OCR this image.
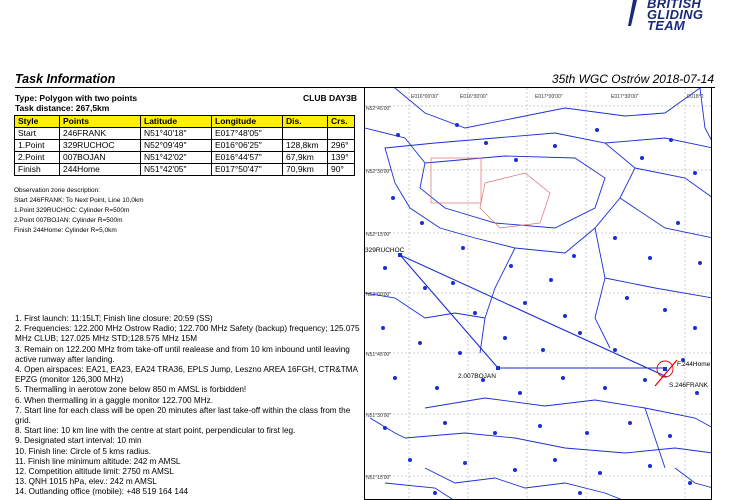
BRITISH
GLIDING
TEAM
Task Information	35th WGC Ostrów 2018-07-14
Type: Polygon with two points
Task distance: 267,5km
CLUB DAY3B
Style	Points	Latitude	Longitude	Dis.	Crs.
Start	246FRANK	N51°40'18"	E017°48'05"		
1.Point	329RUCHOC	N52°09'49"	E016°06'25"	128,8km	296°
2.Point	007BOJAN	N51°42'02"	E016°44'57"	67,9km	139°
Finish	244Home	N51°42'05"	E017°50'47"	70,9km	90°
Observation zone description:
Start 246FRANK: To Next Point, Line 10,0km
1.Point 329RUCHOC: Cylinder R=500m
2.Point 007BOJAN: Cylinder R=500m
Finish 244Home: Cylinder R=5,0km
1. First launch: 11:15LT; Finish line closure: 20:59 (SS)
2. Frequencies: 122.200 MHz Ostrow Radio; 122.700 MHz Safety (backup) frequency; 125.075 MHz CLUB; 127.025 MHz STD;128.575 MHz 15M
3. Remain on 122.200 MHz from take-off until realease and from 10 km inbound until leaving active runway after landing.
4. Open airspaces: EA21, EA23, EA24 TRA36, EPLS Jump, Leszno AREA 16FGH, CTR&TMA EPZG (monitor 126,300 MHz)
5. Thermalling in aerotow zone below 850 m AMSL is forbidden!
6. When thermalling in a gaggle monitor 122.700 MHz.
7. Start line for each class will be open 20 minutes after last take-off within the class from the grid.
8. Start line: 10 km line with the centre at start point, perpendicular to first leg.
9. Designated start interval: 10 min
10. Finish line: Circle of 5 kms radius.
11. Finish line minimum altitude: 242 m AMSL
12. Competition altitude limit: 2750 m AMSL
13. QNH 1015 hPa, elev.: 242 m AMSL
14. Outlanding office (mobile): +48 519 164 144
E016°00'00"	E016°30'00"	E017°00'00"	E017°30'00"	E018°0
N52°45'00"
N52°30'00"
N52°15'00"
N52°00'00"
N51°45'00"
N51°30'00"
N51°15'00"
329RUCHOC
2.007BOJAN
F.244Home
S.246FRANK
